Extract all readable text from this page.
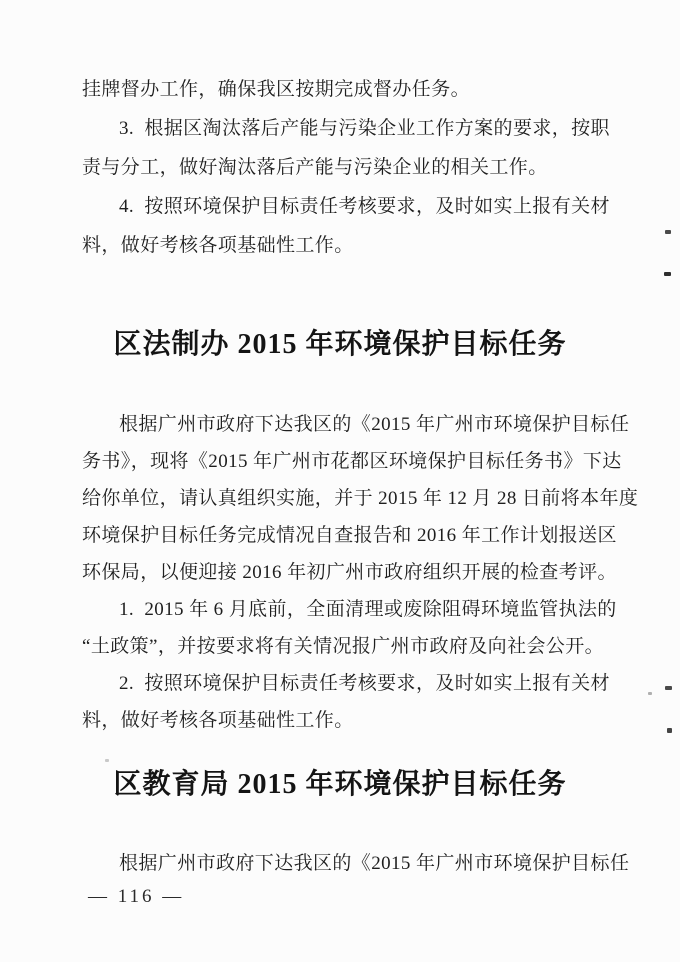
挂牌督办工作，确保我区按期完成督办任务。
3.  根据区淘汰落后产能与污染企业工作方案的要求，按职
责与分工，做好淘汰落后产能与污染企业的相关工作。
4.  按照环境保护目标责任考核要求，及时如实上报有关材
料，做好考核各项基础性工作。
区法制办 2015 年环境保护目标任务
根据广州市政府下达我区的《2015 年广州市环境保护目标任
务书》，现将《2015 年广州市花都区环境保护目标任务书》下达
给你单位，请认真组织实施，并于 2015 年 12 月 28 日前将本年度
环境保护目标任务完成情况自查报告和 2016 年工作计划报送区
环保局，以便迎接 2016 年初广州市政府组织开展的检查考评。
1.  2015 年 6 月底前，全面清理或废除阻碍环境监管执法的
“土政策”，并按要求将有关情况报广州市政府及向社会公开。
2.  按照环境保护目标责任考核要求，及时如实上报有关材
料，做好考核各项基础性工作。
区教育局 2015 年环境保护目标任务
根据广州市政府下达我区的《2015 年广州市环境保护目标任
— 116 —
